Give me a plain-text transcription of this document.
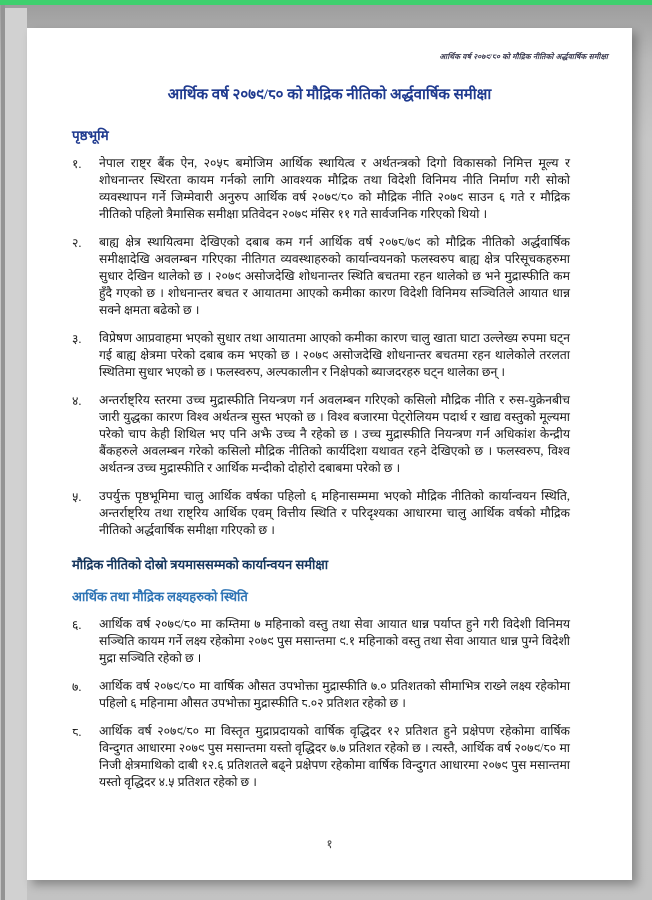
आर्थिक वर्ष २०७९/८० को मौद्रिक नीतिको अर्द्धवार्षिक समीक्षा
आर्थिक वर्ष २०७९/८० को मौद्रिक नीतिको अर्द्धवार्षिक समीक्षा
पृष्ठभूमि
१.	नेपाल राष्ट्र बैंक ऐन, २०५८ बमोजिम आर्थिक स्थायित्व र अर्थतन्त्रको दिगो विकासको निमित्त मूल्य र शोधनान्तर स्थिरता कायम गर्नको लागि आवश्यक मौद्रिक तथा विदेशी विनिमय नीति निर्माण गरी सोको व्यवस्थापन गर्ने जिम्मेवारी अनुरुप आर्थिक वर्ष २०७९/८० को मौद्रिक नीति २०७९ साउन ६ गते र मौद्रिक नीतिको पहिलो त्रैमासिक समीक्षा प्रतिवेदन २०७९ मंसिर ११ गते सार्वजनिक गरिएको थियो ।
२.	बाह्य क्षेत्र स्थायित्वमा देखिएको दबाब कम गर्न आर्थिक वर्ष २०७८/७९ को मौद्रिक नीतिको अर्द्धवार्षिक समीक्षादेखि अवलम्बन गरिएका नीतिगत व्यवस्थाहरुको कार्यान्वयनको फलस्वरुप बाह्य क्षेत्र परिसूचकहरुमा सुधार देखिन थालेको छ । २०७९ असोजदेखि शोधनान्तर स्थिति बचतमा रहन थालेको छ भने मुद्रास्फीति कम हुँदै गएको छ । शोधनान्तर बचत र आयातमा आएको कमीका कारण विदेशी विनिमय सञ्चितिले आयात धान्न सक्ने क्षमता बढेको छ ।
३.	विप्रेषण आप्रवाहमा भएको सुधार तथा आयातमा आएको कमीका कारण चालु खाता घाटा उल्लेख्य रुपमा घट्न गई बाह्य क्षेत्रमा परेको दबाब कम भएको छ । २०७९ असोजदेखि शोधनान्तर बचतमा रहन थालेकोले तरलता स्थितिमा सुधार भएको छ । फलस्वरुप, अल्पकालीन र निक्षेपको ब्याजदरहरु घट्न थालेका छन् ।
४.	अन्तर्राष्ट्रिय स्तरमा उच्च मुद्रास्फीति नियन्त्रण गर्न अवलम्बन गरिएको कसिलो मौद्रिक नीति र रुस-युक्रेनबीच जारी युद्धका कारण विश्व अर्थतन्त्र सुस्त भएको छ । विश्व बजारमा पेट्रोलियम पदार्थ र खाद्य वस्तुको मूल्यमा परेको चाप केही शिथिल भए पनि अझै उच्च नै रहेको छ । उच्च मुद्रास्फीति नियन्त्रण गर्न अधिकांश केन्द्रीय बैंकहरुले अवलम्बन गरेको कसिलो मौद्रिक नीतिको कार्यदिशा यथावत रहने देखिएको छ । फलस्वरुप, विश्व अर्थतन्त्र उच्च मुद्रास्फीति र आर्थिक मन्दीको दोहोरो दबाबमा परेको छ ।
५.	उपर्युक्त पृष्ठभूमिमा चालु आर्थिक वर्षका पहिलो ६ महिनासम्ममा भएको मौद्रिक नीतिको कार्यान्वयन स्थिति, अन्तर्राष्ट्रिय तथा राष्ट्रिय आर्थिक एवम् वित्तीय स्थिति र परिदृश्यका आधारमा चालु आर्थिक वर्षको मौद्रिक नीतिको अर्द्धवार्षिक समीक्षा गरिएको छ ।
मौद्रिक नीतिको दोस्रो त्रयमाससम्मको कार्यान्वयन समीक्षा
आर्थिक तथा मौद्रिक लक्ष्यहरुको स्थिति
६.	आर्थिक वर्ष २०७९/८० मा कम्तिमा ७ महिनाको वस्तु तथा सेवा आयात धान्न पर्याप्त हुने गरी विदेशी विनिमय सञ्चिति कायम गर्ने लक्ष्य रहेकोमा २०७९ पुस मसान्तमा ९.१ महिनाको वस्तु तथा सेवा आयात धान्न पुग्ने विदेशी मुद्रा सञ्चिति रहेको छ ।
७.	आर्थिक वर्ष २०७९/८० मा वार्षिक औसत उपभोक्ता मुद्रास्फीति ७.० प्रतिशतको सीमाभित्र राख्ने लक्ष्य रहेकोमा पहिलो ६ महिनामा औसत उपभोक्ता मुद्रास्फीति ८.०२ प्रतिशत रहेको छ ।
८.	आर्थिक वर्ष २०७९/८० मा विस्तृत मुद्राप्रदायको वार्षिक वृद्धिदर १२ प्रतिशत हुने प्रक्षेपण रहेकोमा वार्षिक विन्दुगत आधारमा २०७९ पुस मसान्तमा यस्तो वृद्धिदर ७.७ प्रतिशत रहेको छ । त्यस्तै, आर्थिक वर्ष २०७९/८० मा निजी क्षेत्रमाथिको दाबी १२.६ प्रतिशतले बढ्ने प्रक्षेपण रहेकोमा वार्षिक विन्दुगत आधारमा २०७९ पुस मसान्तमा यस्तो वृद्धिदर ४.५ प्रतिशत रहेको छ ।
१
